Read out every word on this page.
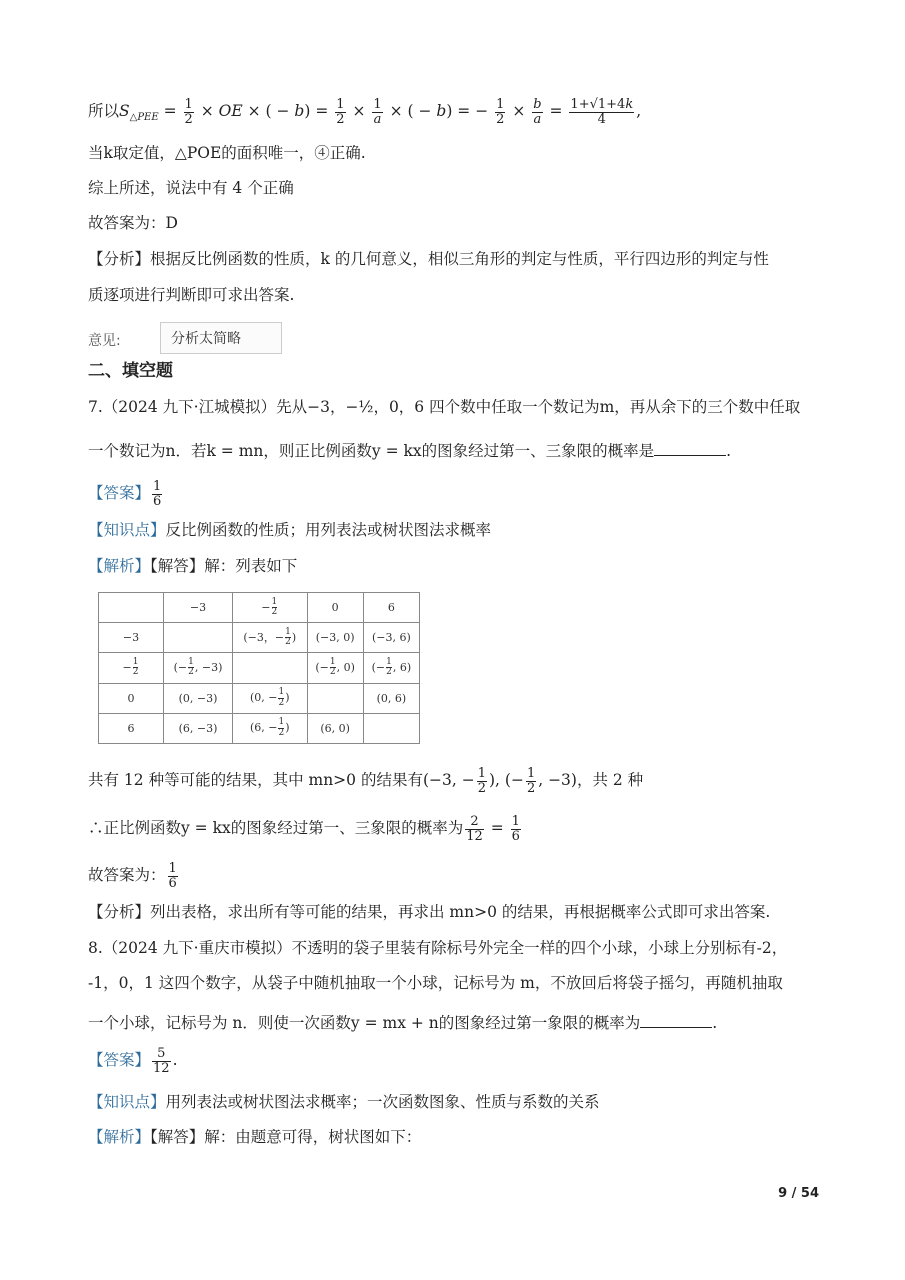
所以$S_{\triangle PEE} = \frac{1}{2}$ × OE × ( − $b) = \frac{1}{2} \times \frac{1}{a}$ × ( − b) = − $\frac{1}{2} \times \frac{b}{a} = \frac{1+√1+4k}{4}$ ,
当k取定值，△POE的面积唯一，④正确.
综上所述，说法中有 4 个正确
故答案为：D
【分析】根据反比例函数的性质，k 的几何意义，相似三角形的判定与性质，平行四边形的判定与性
质逐项进行判断即可求出答案.
意见:	分析太简略
二、填空题
7.（2024 九下·江城模拟）先从−3，−½，0，6 四个数中任取一个数记为m，再从余下的三个数中任取
一个数记为n．若k = mn，则正比例函数y = kx的图象经过第一、三象限的概率是	.
【答案】 $\frac{1}{6}$
【知识点】反比例函数的性质；用列表法或树状图法求概率
【解析】【解答】解：列表如下
	−3	− $\frac{1}{2}$	0	6
−3		(−3，− $\frac{1}{2}$ )	(−3, 0)	(−3, 6)
− $\frac{1}{2}$	(− $\frac{1}{2}$ , −3)		(− $\frac{1}{2}$ , 0)	(− $\frac{1}{2}$ , 6)
0	(0, −3)	(0, − $\frac{1}{2}$ )		(0, 6)
6	(6, −3)	(6, − $\frac{1}{2}$ )	(6, 0)	
共有 12 种等可能的结果，其中 mn>0 的结果有(−3, − $\frac{1}{2}$ ), (− $\frac{1}{2}$ , −3)，共 2 种
∴正比例函数y = kx的图象经过第一、三象限的概率为 $\frac{2}{12} = \frac{1}{6}$
故答案为： $\frac{1}{6}$
【分析】列出表格，求出所有等可能的结果，再求出 mn>0 的结果，再根据概率公式即可求出答案.
8.（2024 九下·重庆市模拟）不透明的袋子里装有除标号外完全一样的四个小球，小球上分别标有-2，
-1，0，1 这四个数字，从袋子中随机抽取一个小球，记标号为 m，不放回后将袋子摇匀，再随机抽取
一个小球，记标号为 n．则使一次函数y = mx + n的图象经过第一象限的概率为	.
【答案】 $\frac{5}{12}$ .
【知识点】用列表法或树状图法求概率；一次函数图象、性质与系数的关系
【解析】【解答】解：由题意可得，树状图如下：
9 / 54
